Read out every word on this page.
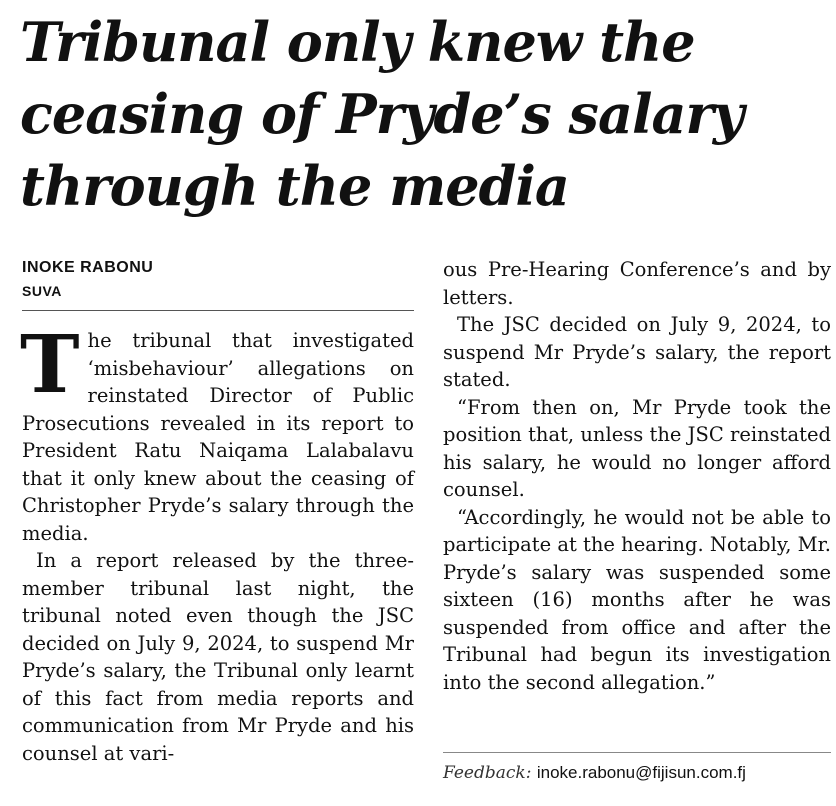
Tribunal only knew the ceasing of Pryde’s salary through the media
INOKE RABONU
SUVA

The tribunal that investigated ‘misbehaviour’ allegations on reinstated Director of Public Prosecutions revealed in its report to President Ratu Naiqama Lalabalavu that it only knew about the ceasing of Christopher Pryde’s salary through the media.

In a report released by the three-member tribunal last night, the tribunal noted even though the JSC decided on July 9, 2024, to suspend Mr Pryde’s salary, the Tribunal only learnt of this fact from media reports and communication from Mr Pryde and his counsel at vari-

ous Pre-Hearing Conference’s and by letters.

The JSC decided on July 9, 2024, to suspend Mr Pryde’s salary, the report stated.

“From then on, Mr Pryde took the position that, unless the JSC reinstated his salary, he would no longer afford counsel.

“Accordingly, he would not be able to participate at the hearing. Notably, Mr. Pryde’s salary was suspended some sixteen (16) months after he was suspended from office and after the Tribunal had begun its investigation into the second allegation.”

Feedback: inoke.rabonu@fijisun.com.fj
